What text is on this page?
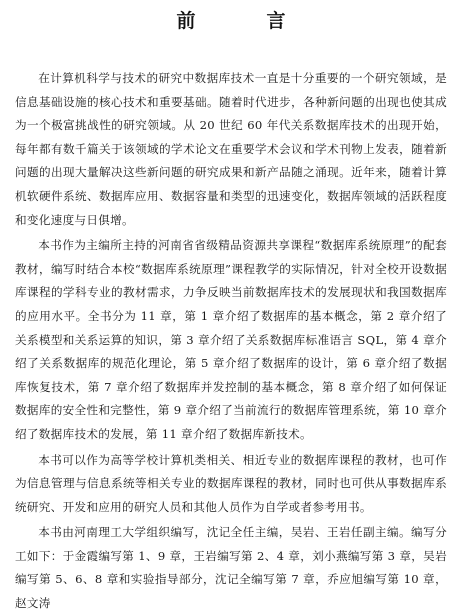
前　言

在计算机科学与技术的研究中数据库技术一直是十分重要的一个研究领域，是信息基础设施的核心技术和重要基础。随着时代进步，各种新问题的出现也使其成为一个极富挑战性的研究领域。从 20 世纪 60 年代关系数据库技术的出现开始，每年都有数千篇关于该领域的学术论文在重要学术会议和学术刊物上发表，随着新问题的出现大量解决这些新问题的研究成果和新产品随之涌现。近年来，随着计算机软硬件系统、数据库应用、数据容量和类型的迅速变化，数据库领域的活跃程度和变化速度与日俱增。

本书作为主编所主持的河南省省级精品资源共享课程“数据库系统原理”的配套教材，编写时结合本校“数据库系统原理”课程教学的实际情况，针对全校开设数据库课程的学科专业的教材需求，力争反映当前数据库技术的发展现状和我国数据库的应用水平。全书分为 11 章，第 1 章介绍了数据库的基本概念，第 2 章介绍了关系模型和关系运算的知识，第 3 章介绍了关系数据库标准语言 SQL，第 4 章介绍了关系数据库的规范化理论，第 5 章介绍了数据库的设计，第 6 章介绍了数据库恢复技术，第 7 章介绍了数据库并发控制的基本概念，第 8 章介绍了如何保证数据库的安全性和完整性，第 9 章介绍了当前流行的数据库管理系统，第 10 章介绍了数据库技术的发展，第 11 章介绍了数据库新技术。

本书可以作为高等学校计算机类相关、相近专业的数据库课程的教材，也可作为信息管理与信息系统等相关专业的数据库课程的教材，同时也可供从事数据库系统研究、开发和应用的研究人员和其他人员作为自学或者参考用书。

本书由河南理工大学组织编写，沈记全任主编，吴岩、王岩任副主编。编写分工如下：于金霞编写第 1、9 章，王岩编写第 2、4 章，刘小燕编写第 3 章，吴岩编写第 5、6、8 章和实验指导部分，沈记全编写第 7 章，乔应旭编写第 10 章，赵文涛
